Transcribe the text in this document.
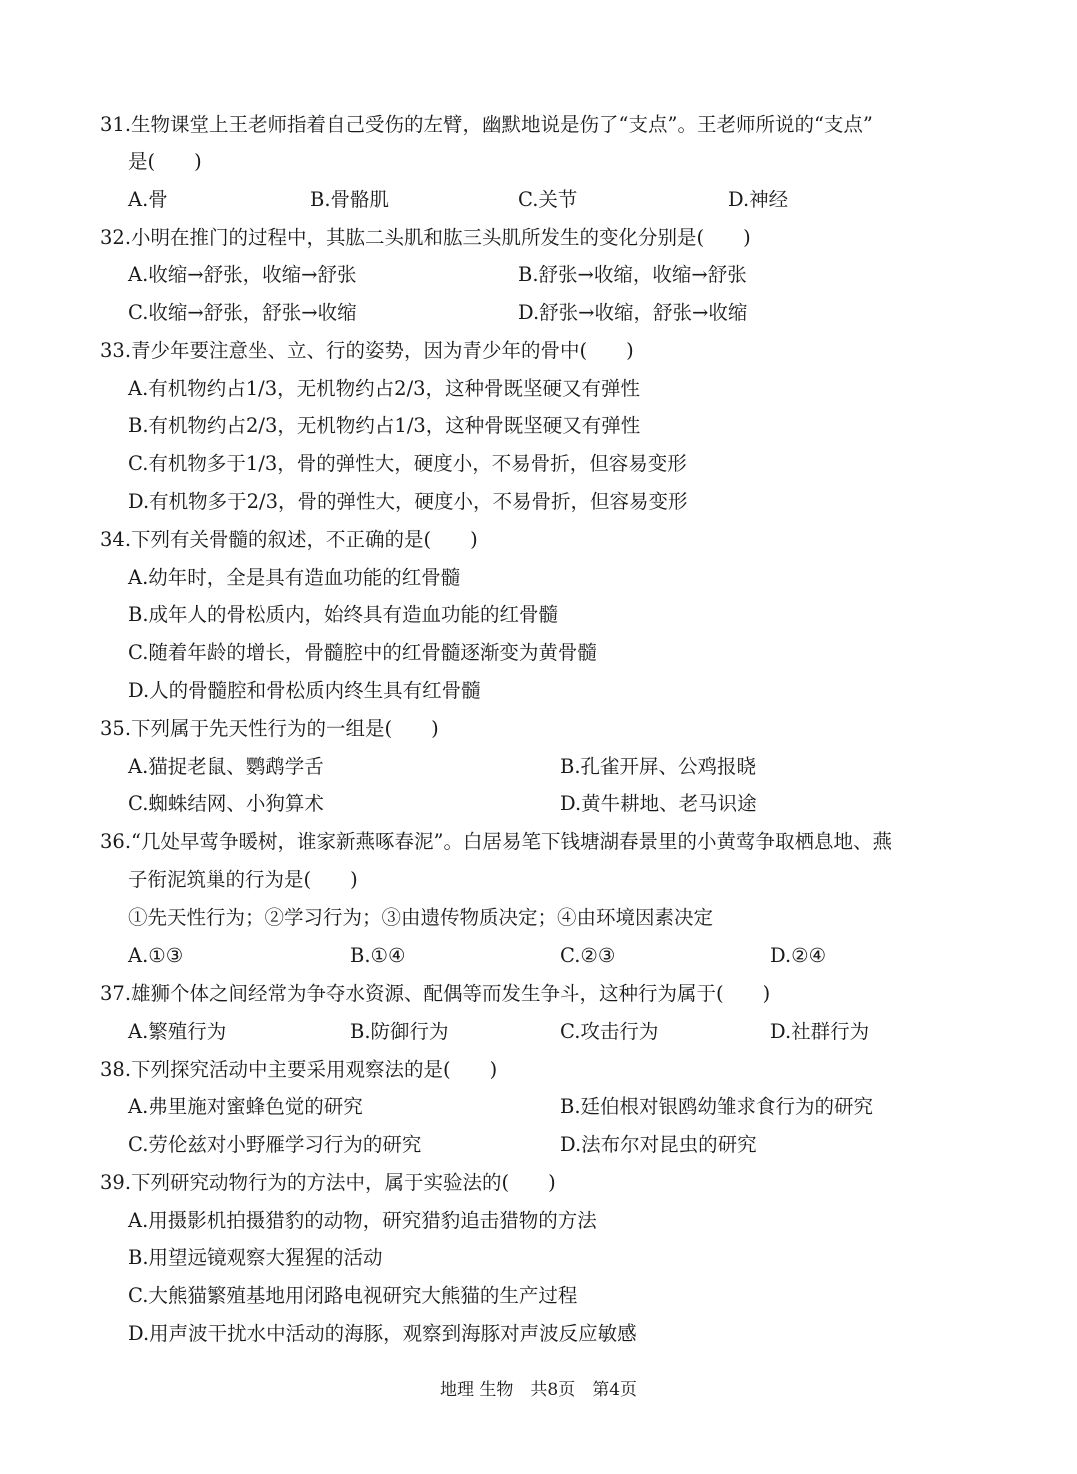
31.生物课堂上王老师指着自己受伤的左臂，幽默地说是伤了“支点”。王老师所说的“支点”
是(　　)
A.骨	B.骨骼肌	C.关节	D.神经
32.小明在推门的过程中，其肱二头肌和肱三头肌所发生的变化分别是(　　)
A.收缩→舒张，收缩→舒张	B.舒张→收缩，收缩→舒张
C.收缩→舒张，舒张→收缩	D.舒张→收缩，舒张→收缩
33.青少年要注意坐、立、行的姿势，因为青少年的骨中(　　)
A.有机物约占1/3，无机物约占2/3，这种骨既坚硬又有弹性
B.有机物约占2/3，无机物约占1/3，这种骨既坚硬又有弹性
C.有机物多于1/3，骨的弹性大，硬度小，不易骨折，但容易变形
D.有机物多于2/3，骨的弹性大，硬度小，不易骨折，但容易变形
34.下列有关骨髓的叙述，不正确的是(　　)
A.幼年时，全是具有造血功能的红骨髓
B.成年人的骨松质内，始终具有造血功能的红骨髓
C.随着年龄的增长，骨髓腔中的红骨髓逐渐变为黄骨髓
D.人的骨髓腔和骨松质内终生具有红骨髓
35.下列属于先天性行为的一组是(　　)
A.猫捉老鼠、鹦鹉学舌	B.孔雀开屏、公鸡报晓
C.蜘蛛结网、小狗算术	D.黄牛耕地、老马识途
36.“几处早莺争暖树，谁家新燕啄春泥”。白居易笔下钱塘湖春景里的小黄莺争取栖息地、燕
子衔泥筑巢的行为是(　　)
①先天性行为；②学习行为；③由遗传物质决定；④由环境因素决定
A.①③	B.①④	C.②③	D.②④
37.雄狮个体之间经常为争夺水资源、配偶等而发生争斗，这种行为属于(　　)
A.繁殖行为	B.防御行为	C.攻击行为	D.社群行为
38.下列探究活动中主要采用观察法的是(　　)
A.弗里施对蜜蜂色觉的研究	B.廷伯根对银鸥幼雏求食行为的研究
C.劳伦兹对小野雁学习行为的研究	D.法布尔对昆虫的研究
39.下列研究动物行为的方法中，属于实验法的(　　)
A.用摄影机拍摄猎豹的动物，研究猎豹追击猎物的方法
B.用望远镜观察大猩猩的活动
C.大熊猫繁殖基地用闭路电视研究大熊猫的生产过程
D.用声波干扰水中活动的海豚，观察到海豚对声波反应敏感
地理 生物　共8页　第4页
